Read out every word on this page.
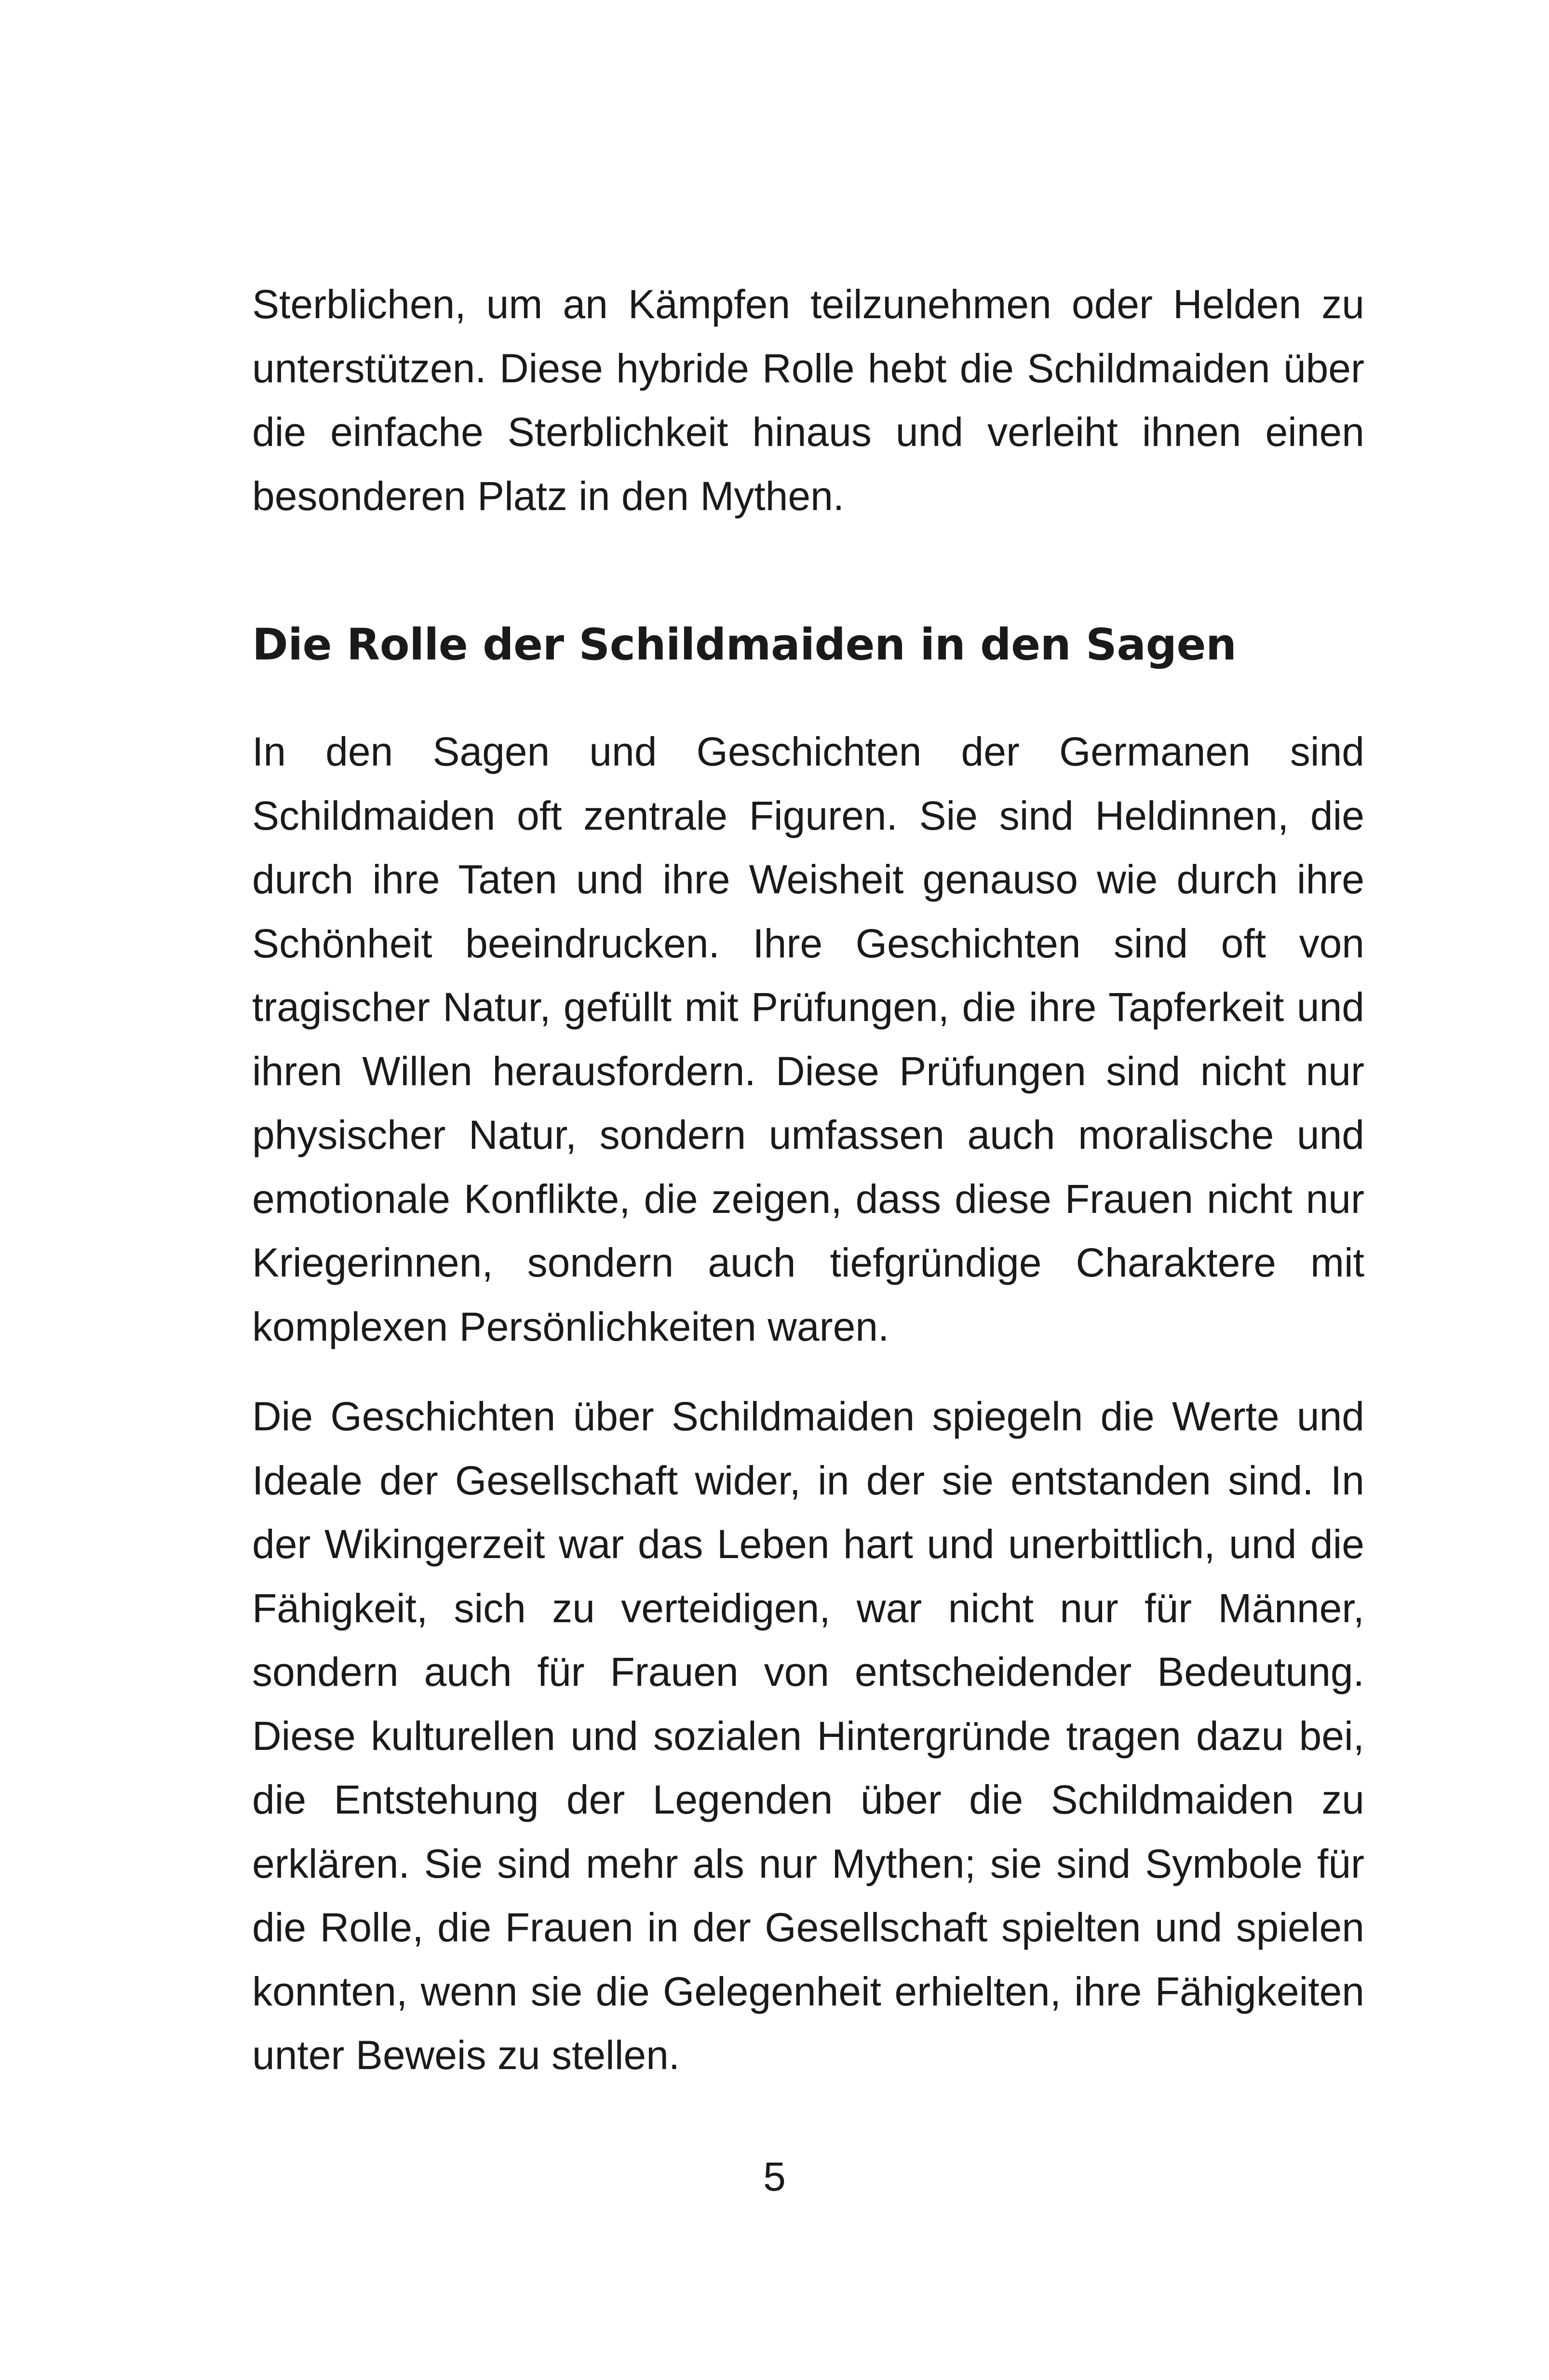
Sterblichen, um an Kämpfen teilzunehmen oder Helden zu unterstützen. Diese hybride Rolle hebt die Schildmaiden über die einfache Sterblichkeit hinaus und verleiht ihnen einen besonderen Platz in den Mythen.

Die Rolle der Schildmaiden in den Sagen

In den Sagen und Geschichten der Germanen sind Schildmaiden oft zentrale Figuren. Sie sind Heldinnen, die durch ihre Taten und ihre Weisheit genauso wie durch ihre Schönheit beeindrucken. Ihre Geschichten sind oft von tragischer Natur, gefüllt mit Prüfungen, die ihre Tapferkeit und ihren Willen herausfordern. Diese Prüfungen sind nicht nur physischer Natur, sondern umfassen auch moralische und emotionale Konflikte, die zeigen, dass diese Frauen nicht nur Kriegerinnen, sondern auch tiefgründige Charaktere mit komplexen Persönlichkeiten waren.

Die Geschichten über Schildmaiden spiegeln die Werte und Ideale der Gesellschaft wider, in der sie entstanden sind. In der Wikingerzeit war das Leben hart und unerbittlich, und die Fähigkeit, sich zu verteidigen, war nicht nur für Männer, sondern auch für Frauen von entscheidender Bedeutung. Diese kulturellen und sozialen Hintergründe tragen dazu bei, die Entstehung der Legenden über die Schildmaiden zu erklären. Sie sind mehr als nur Mythen; sie sind Symbole für die Rolle, die Frauen in der Gesellschaft spielten und spielen konnten, wenn sie die Gelegenheit erhielten, ihre Fähigkeiten unter Beweis zu stellen.

5
